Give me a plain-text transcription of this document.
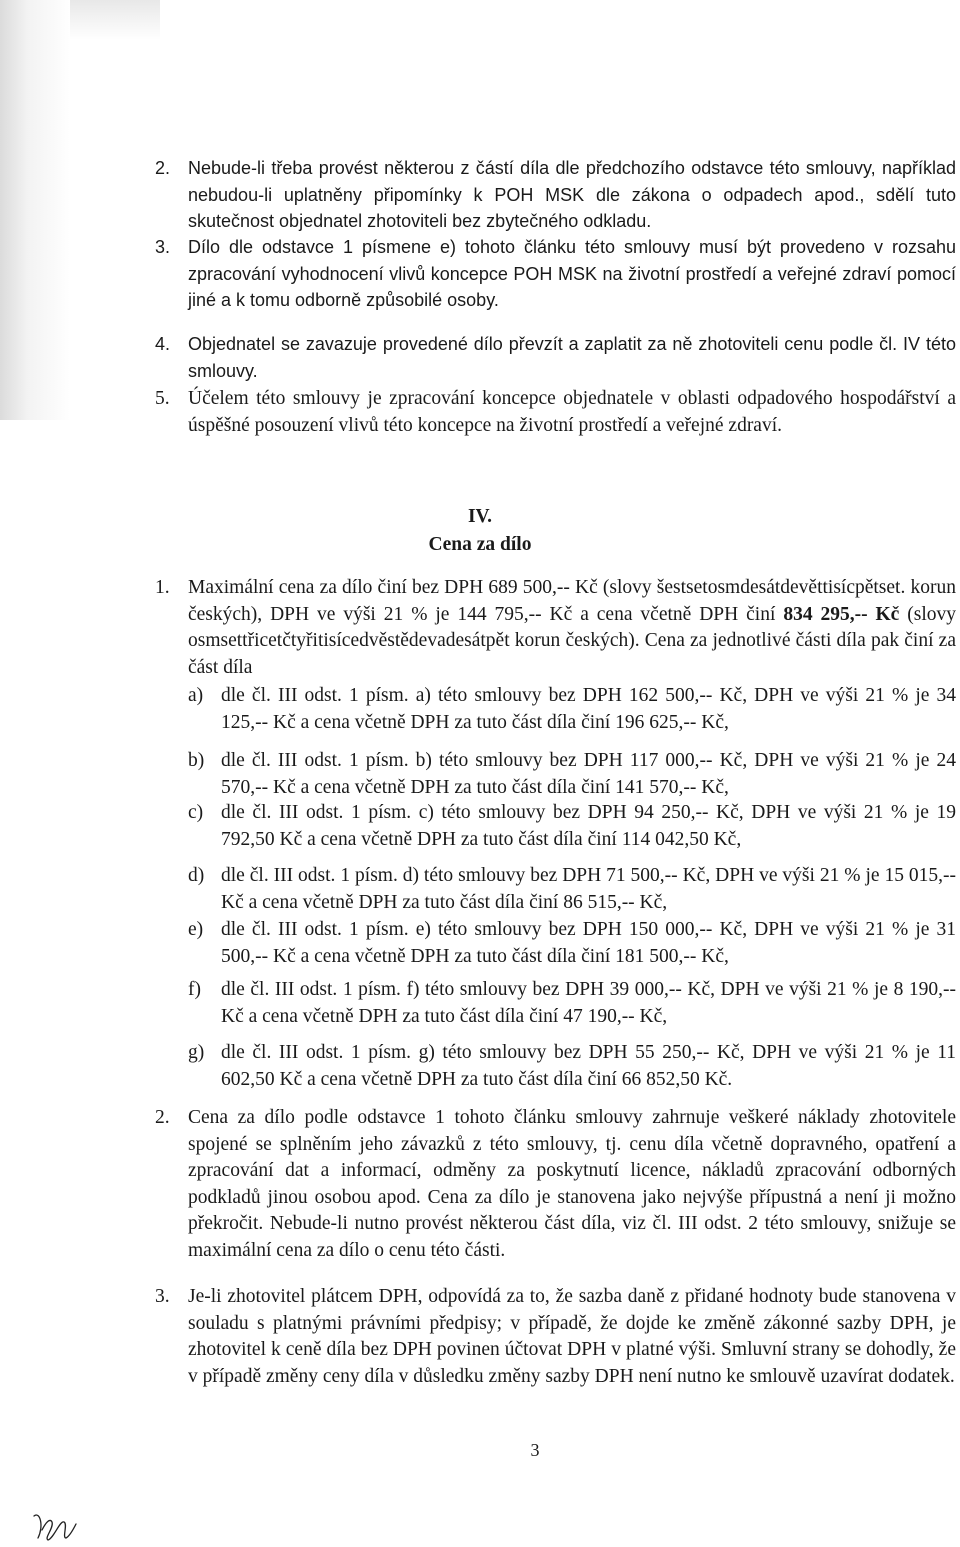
2. Nebude-li třeba provést některou z částí díla dle předchozího odstavce této smlouvy, například nebudou-li uplatněny připomínky k POH MSK dle zákona o odpadech apod., sdělí tuto skutečnost objednatel zhotoviteli bez zbytečného odkladu.
3. Dílo dle odstavce 1 písmene e) tohoto článku této smlouvy musí být provedeno v rozsahu zpracování vyhodnocení vlivů koncepce POH MSK na životní prostředí a veřejné zdraví pomocí jiné a k tomu odborně způsobilé osoby.
4. Objednatel se zavazuje provedené dílo převzít a zaplatit za ně zhotoviteli cenu podle čl. IV této smlouvy.
5. Účelem této smlouvy je zpracování koncepce objednatele v oblasti odpadového hospodářství a úspěšné posouzení vlivů této koncepce na životní prostředí a veřejné zdraví.
IV.
Cena za dílo
1. Maximální cena za dílo činí bez DPH 689 500,-- Kč (slovy šestsetosmdesátdevěttisícpětset. korun českých), DPH ve výši 21 % je 144 795,-- Kč a cena včetně DPH činí 834 295,-- Kč (slovy osmsettřicetčtyřitisícedvěstědevadesátpět korun českých). Cena za jednotlivé části díla pak činí za část díla
a) dle čl. III odst. 1 písm. a) této smlouvy bez DPH 162 500,-- Kč, DPH ve výši 21 % je 34 125,-- Kč a cena včetně DPH za tuto část díla činí 196 625,-- Kč,
b) dle čl. III odst. 1 písm. b) této smlouvy bez DPH 117 000,-- Kč, DPH ve výši 21 % je 24 570,-- Kč a cena včetně DPH za tuto část díla činí 141 570,-- Kč,
c) dle čl. III odst. 1 písm. c) této smlouvy bez DPH 94 250,-- Kč, DPH ve výši 21 % je 19 792,50 Kč a cena včetně DPH za tuto část díla činí 114 042,50 Kč,
d) dle čl. III odst. 1 písm. d) této smlouvy bez DPH 71 500,-- Kč, DPH ve výši 21 % je 15 015,-- Kč a cena včetně DPH za tuto část díla činí 86 515,-- Kč,
e) dle čl. III odst. 1 písm. e) této smlouvy bez DPH 150 000,-- Kč, DPH ve výši 21 % je 31 500,-- Kč a cena včetně DPH za tuto část díla činí 181 500,-- Kč,
f) dle čl. III odst. 1 písm. f) této smlouvy bez DPH 39 000,-- Kč, DPH ve výši 21 % je 8 190,-- Kč a cena včetně DPH za tuto část díla činí 47 190,-- Kč,
g) dle čl. III odst. 1 písm. g) této smlouvy bez DPH 55 250,-- Kč, DPH ve výši 21 % je 11 602,50 Kč a cena včetně DPH za tuto část díla činí 66 852,50 Kč.
2. Cena za dílo podle odstavce 1 tohoto článku smlouvy zahrnuje veškeré náklady zhotovitele spojené se splněním jeho závazků z této smlouvy, tj. cenu díla včetně dopravného, opatření a zpracování dat a informací, odměny za poskytnutí licence, nákladů zpracování odborných podkladů jinou osobou apod. Cena za dílo je stanovena jako nejvýše přípustná a není ji možno překročit. Nebude-li nutno provést některou část díla, viz čl. III odst. 2 této smlouvy, snižuje se maximální cena za dílo o cenu této části.
3. Je-li zhotovitel plátcem DPH, odpovídá za to, že sazba daně z přidané hodnoty bude stanovena v souladu s platnými právními předpisy; v případě, že dojde ke změně zákonné sazby DPH, je zhotovitel k ceně díla bez DPH povinen účtovat DPH v platné výši. Smluvní strany se dohodly, že v případě změny ceny díla v důsledku změny sazby DPH není nutno ke smlouvě uzavírat dodatek.
3
